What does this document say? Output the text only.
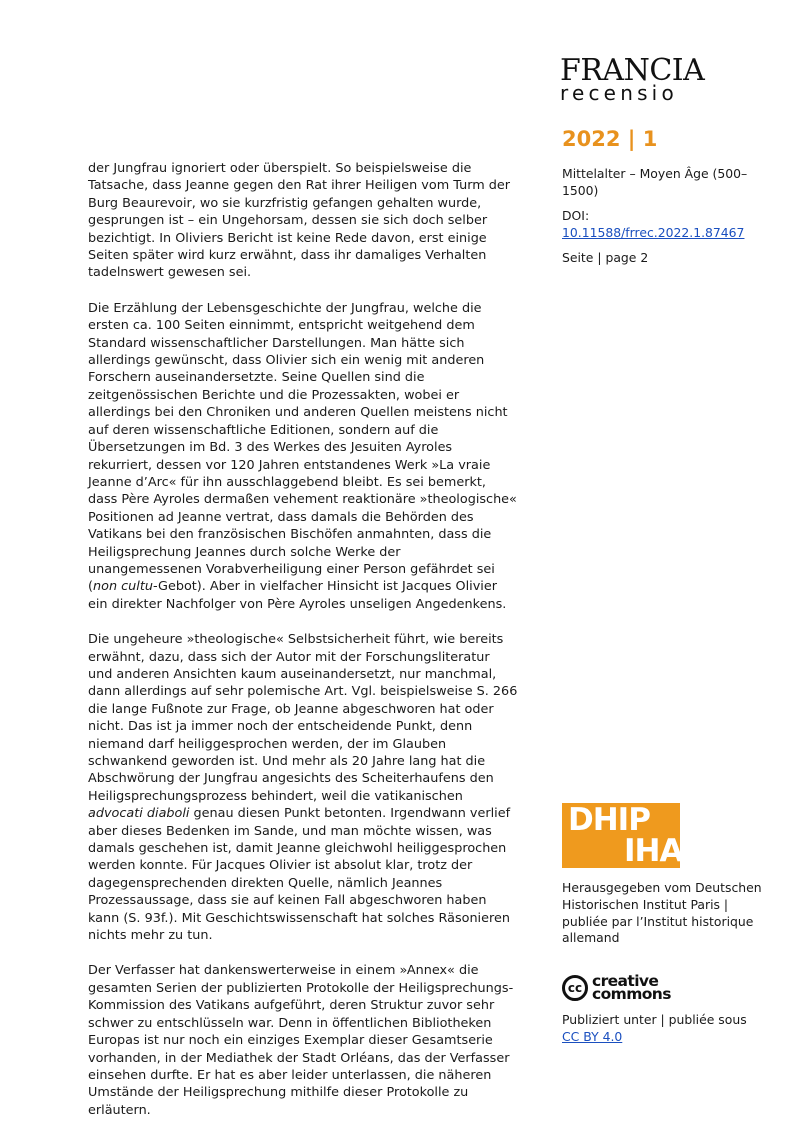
FRANCIA
recensio
2022 | 1
Mittelalter – Moyen Âge (500–1500)
DOI:
10.11588/frrec.2022.1.87467
Seite | page 2

der Jungfrau ignoriert oder überspielt. So beispielsweise die Tatsache, dass Jeanne gegen den Rat ihrer Heiligen vom Turm der Burg Beaurevoir, wo sie kurzfristig gefangen gehalten wurde, gesprungen ist – ein Ungehorsam, dessen sie sich doch selber bezichtigt. In Oliviers Bericht ist keine Rede davon, erst einige Seiten später wird kurz erwähnt, dass ihr damaliges Verhalten tadelnswert gewesen sei.

Die Erzählung der Lebensgeschichte der Jungfrau, welche die ersten ca. 100 Seiten einnimmt, entspricht weitgehend dem Standard wissenschaftlicher Darstellungen. Man hätte sich allerdings gewünscht, dass Olivier sich ein wenig mit anderen Forschern auseinandersetzte. Seine Quellen sind die zeitgenössischen Berichte und die Prozessakten, wobei er allerdings bei den Chroniken und anderen Quellen meistens nicht auf deren wissenschaftliche Editionen, sondern auf die Übersetzungen im Bd. 3 des Werkes des Jesuiten Ayroles rekurriert, dessen vor 120 Jahren entstandenes Werk »La vraie Jeanne d’Arc« für ihn ausschlaggebend bleibt. Es sei bemerkt, dass Père Ayroles dermaßen vehement reaktionäre »theologische« Positionen ad Jeanne vertrat, dass damals die Behörden des Vatikans bei den französischen Bischöfen anmahnten, dass die Heiligsprechung Jeannes durch solche Werke der unangemessenen Vorabverheiligung einer Person gefährdet sei (non cultu-Gebot). Aber in vielfacher Hinsicht ist Jacques Olivier ein direkter Nachfolger von Père Ayroles unseligen Angedenkens.

Die ungeheure »theologische« Selbstsicherheit führt, wie bereits erwähnt, dazu, dass sich der Autor mit der Forschungsliteratur und anderen Ansichten kaum auseinandersetzt, nur manchmal, dann allerdings auf sehr polemische Art. Vgl. beispielsweise S. 266 die lange Fußnote zur Frage, ob Jeanne abgeschworen hat oder nicht. Das ist ja immer noch der entscheidende Punkt, denn niemand darf heiliggesprochen werden, der im Glauben schwankend geworden ist. Und mehr als 20 Jahre lang hat die Abschwörung der Jungfrau angesichts des Scheiterhaufens den Heiligsprechungsprozess behindert, weil die vatikanischen advocati diaboli genau diesen Punkt betonten. Irgendwann verlief aber dieses Bedenken im Sande, und man möchte wissen, was damals geschehen ist, damit Jeanne gleichwohl heiliggesprochen werden konnte. Für Jacques Olivier ist absolut klar, trotz der dagegensprechenden direkten Quelle, nämlich Jeannes Prozessaussage, dass sie auf keinen Fall abgeschworen haben kann (S. 93f.). Mit Geschichtswissenschaft hat solches Räsonieren nichts mehr zu tun.

Der Verfasser hat dankenswerterweise in einem »Annex« die gesamten Serien der publizierten Protokolle der Heiligsprechungs-Kommission des Vatikans aufgeführt, deren Struktur zuvor sehr schwer zu entschlüsseln war. Denn in öffentlichen Bibliotheken Europas ist nur noch ein einziges Exemplar dieser Gesamtserie vorhanden, in der Mediathek der Stadt Orléans, das der Verfasser einsehen durfte. Er hat es aber leider unterlassen, die näheren Umstände der Heiligsprechung mithilfe dieser Protokolle zu erläutern.

DHIP
IHA
Herausgegeben vom Deutschen Historischen Institut Paris | publiée par l’Institut historique allemand
cc creative
commons
Publiziert unter | publiée sous
CC BY 4.0
